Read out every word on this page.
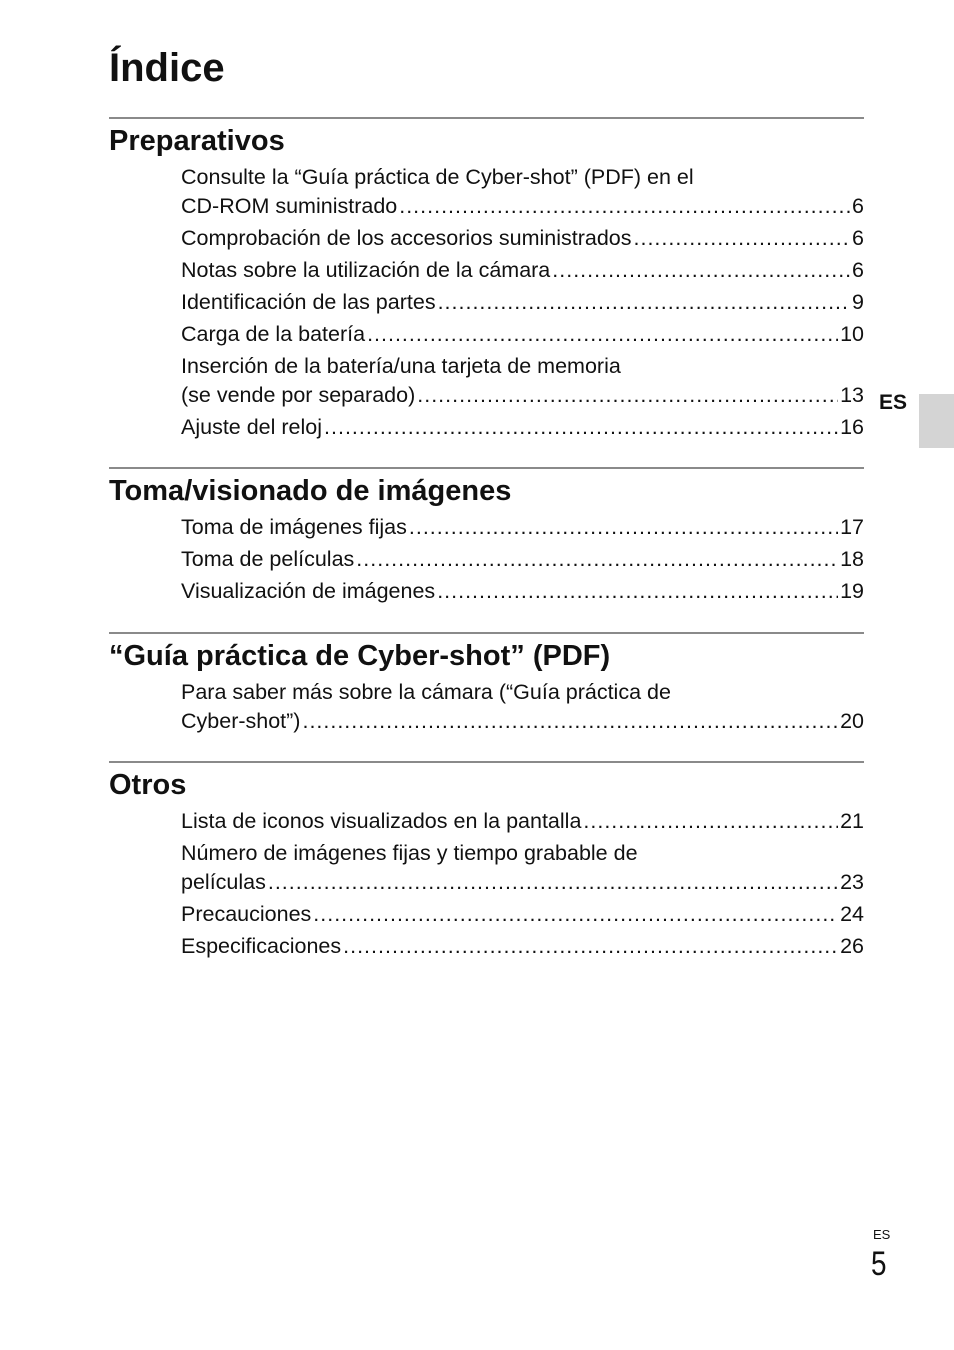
Índice
Preparativos
Consulte la “Guía práctica de Cyber-shot” (PDF) en el
CD-ROM suministrado .....	6
Comprobación de los accesorios suministrados .....	6
Notas sobre la utilización de la cámara .....	6
Identificación de las partes .....	9
Carga de la batería .....	10
Inserción de la batería/una tarjeta de memoria
(se vende por separado) .....	13
Ajuste del reloj .....	16
Toma/visionado de imágenes
Toma de imágenes fijas .....	17
Toma de películas .....	18
Visualización de imágenes .....	19
“Guía práctica de Cyber-shot” (PDF)
Para saber más sobre la cámara (“Guía práctica de
Cyber-shot”) .....	20
Otros
Lista de iconos visualizados en la pantalla .....	21
Número de imágenes fijas y tiempo grabable de
películas .....	23
Precauciones .....	24
Especificaciones .....	26
ES
ES
5
